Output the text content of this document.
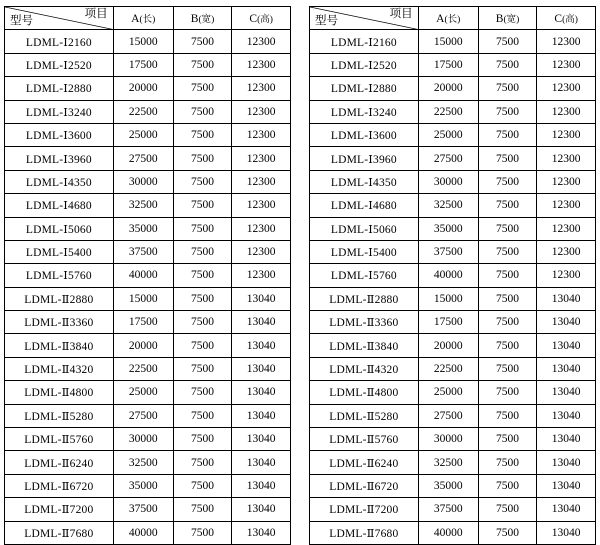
项目
型号	A(长)	B(宽)	C(高)
LDML-Ⅰ2160	15000	7500	12300
LDML-Ⅰ2520	17500	7500	12300
LDML-Ⅰ2880	20000	7500	12300
LDML-Ⅰ3240	22500	7500	12300
LDML-Ⅰ3600	25000	7500	12300
LDML-Ⅰ3960	27500	7500	12300
LDML-Ⅰ4350	30000	7500	12300
LDML-Ⅰ4680	32500	7500	12300
LDML-Ⅰ5060	35000	7500	12300
LDML-Ⅰ5400	37500	7500	12300
LDML-Ⅰ5760	40000	7500	12300
LDML-Ⅱ2880	15000	7500	13040
LDML-Ⅱ3360	17500	7500	13040
LDML-Ⅱ3840	20000	7500	13040
LDML-Ⅱ4320	22500	7500	13040
LDML-Ⅱ4800	25000	7500	13040
LDML-Ⅱ5280	27500	7500	13040
LDML-Ⅱ5760	30000	7500	13040
LDML-Ⅱ6240	32500	7500	13040
LDML-Ⅱ6720	35000	7500	13040
LDML-Ⅱ7200	37500	7500	13040
LDML-Ⅱ7680	40000	7500	13040
项目
型号	A(长)	B(宽)	C(高)
LDML-Ⅰ2160	15000	7500	12300
LDML-Ⅰ2520	17500	7500	12300
LDML-Ⅰ2880	20000	7500	12300
LDML-Ⅰ3240	22500	7500	12300
LDML-Ⅰ3600	25000	7500	12300
LDML-Ⅰ3960	27500	7500	12300
LDML-Ⅰ4350	30000	7500	12300
LDML-Ⅰ4680	32500	7500	12300
LDML-Ⅰ5060	35000	7500	12300
LDML-Ⅰ5400	37500	7500	12300
LDML-Ⅰ5760	40000	7500	12300
LDML-Ⅱ2880	15000	7500	13040
LDML-Ⅱ3360	17500	7500	13040
LDML-Ⅱ3840	20000	7500	13040
LDML-Ⅱ4320	22500	7500	13040
LDML-Ⅱ4800	25000	7500	13040
LDML-Ⅱ5280	27500	7500	13040
LDML-Ⅱ5760	30000	7500	13040
LDML-Ⅱ6240	32500	7500	13040
LDML-Ⅱ6720	35000	7500	13040
LDML-Ⅱ7200	37500	7500	13040
LDML-Ⅱ7680	40000	7500	13040
